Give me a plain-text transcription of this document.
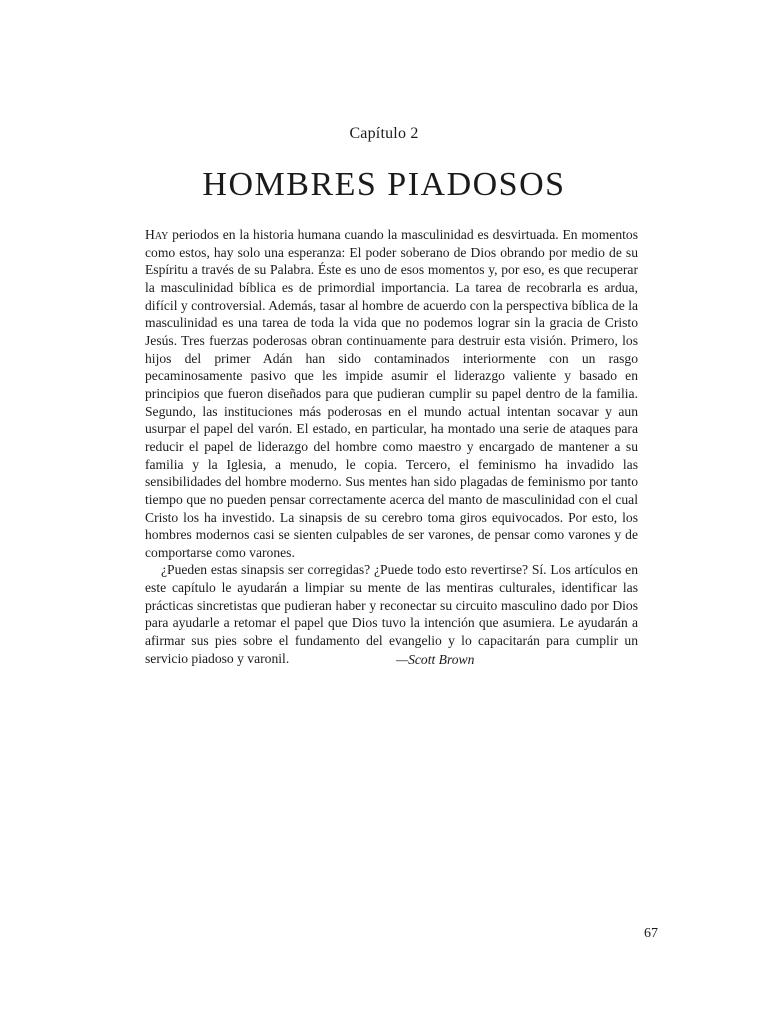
Capítulo 2
HOMBRES PIADOSOS

Hay periodos en la historia humana cuando la masculinidad es desvirtuada. En momentos como estos, hay solo una esperanza: El poder soberano de Dios obrando por medio de su Espíritu a través de su Palabra. Éste es uno de esos momentos y, por eso, es que recuperar la masculinidad bíblica es de primordial importancia. La tarea de recobrarla es ardua, difícil y controversial. Además, tasar al hombre de acuerdo con la perspectiva bíblica de la masculinidad es una tarea de toda la vida que no podemos lograr sin la gracia de Cristo Jesús. Tres fuerzas poderosas obran continuamente para destruir esta visión. Primero, los hijos del primer Adán han sido contaminados interiormente con un rasgo pecaminosamente pasivo que les impide asumir el liderazgo valiente y basado en principios que fueron diseñados para que pudieran cumplir su papel dentro de la familia. Segundo, las instituciones más poderosas en el mundo actual intentan socavar y aun usurpar el papel del varón. El estado, en particular, ha montado una serie de ataques para reducir el papel de liderazgo del hombre como maestro y encargado de mantener a su familia y la Iglesia, a menudo, le copia. Tercero, el feminismo ha invadido las sensibilidades del hombre moderno. Sus mentes han sido plagadas de feminismo por tanto tiempo que no pueden pensar correctamente acerca del manto de masculinidad con el cual Cristo los ha investido. La sinapsis de su cerebro toma giros equivocados. Por esto, los hombres modernos casi se sienten culpables de ser varones, de pensar como varones y de comportarse como varones.

¿Pueden estas sinapsis ser corregidas? ¿Puede todo esto revertirse? Sí. Los artículos en este capítulo le ayudarán a limpiar su mente de las mentiras culturales, identificar las prácticas sincretistas que pudieran haber y reconectar su circuito masculino dado por Dios para ayudarle a retomar el papel que Dios tuvo la intención que asumiera. Le ayudarán a afirmar sus pies sobre el fundamento del evangelio y lo capacitarán para cumplir un servicio piadoso y varonil.	—Scott Brown
67
